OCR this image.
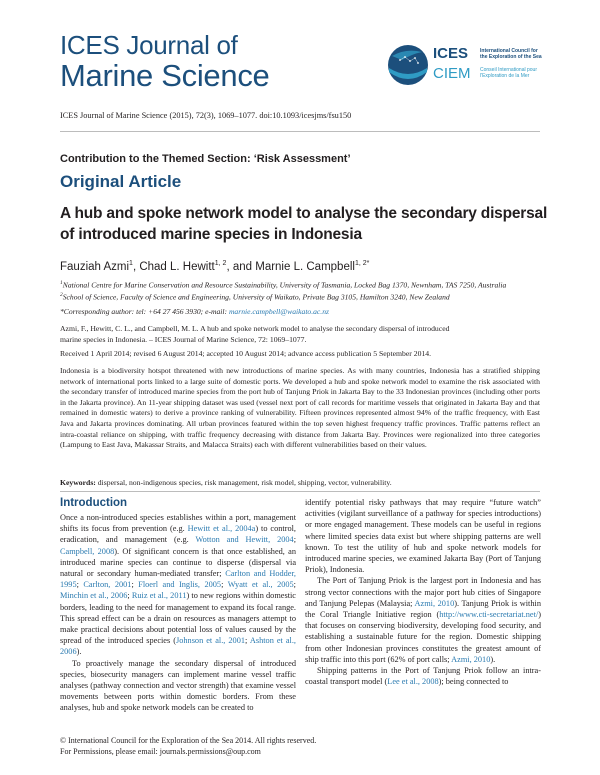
ICES Journal of
Marine Science
ICES
CIEM
International Council for
the Exploration of the Sea
Conseil International pour
l'Exploration de la Mer
ICES Journal of Marine Science (2015), 72(3), 1069–1077. doi:10.1093/icesjms/fsu150
Contribution to the Themed Section: ‘Risk Assessment’
Original Article
A hub and spoke network model to analyse the secondary dispersal
of introduced marine species in Indonesia
Fauziah Azmi$^1$, Chad L. Hewitt$^{1, 2}$, and Marnie L. Campbell$^{1, 2*}$
$^1$National Centre for Marine Conservation and Resource Sustainability, University of Tasmania, Locked Bag 1370, Newnham, TAS 7250, Australia
$^2$School of Science, Faculty of Science and Engineering, University of Waikato, Private Bag 3105, Hamilton 3240, New Zealand
*Corresponding author: tel: +64 27 456 3930; e-mail: marnie.campbell@waikato.ac.nz
Azmi, F., Hewitt, C. L., and Campbell, M. L. A hub and spoke network model to analyse the secondary dispersal of introduced
marine species in Indonesia. – ICES Journal of Marine Science, 72: 1069–1077.
Received 1 April 2014; revised 6 August 2014; accepted 10 August 2014; advance access publication 5 September 2014.
Indonesia is a biodiversity hotspot threatened with new introductions of marine species. As with many countries, Indonesia has a stratified shipping network of international ports linked to a large suite of domestic ports. We developed a hub and spoke network model to examine the risk associated with the secondary transfer of introduced marine species from the port hub of Tanjung Priok in Jakarta Bay to the 33 Indonesian provinces (including other ports in the Jakarta province). An 11-year shipping dataset was used (vessel next port of call records for maritime vessels that originated in Jakarta Bay and that remained in domestic waters) to derive a province ranking of vulnerability. Fifteen provinces represented almost 94% of the traffic frequency, with East Java and Jakarta provinces dominating. All urban provinces featured within the top seven highest frequency traffic provinces. Traffic patterns reflect an intra-coastal reliance on shipping, with traffic frequency decreasing with distance from Jakarta Bay. Provinces were regionalized into three categories (Lampung to East Java, Makassar Straits, and Malacca Straits) each with different vulnerabilities based on their values.
Keywords: dispersal, non-indigenous species, risk management, risk model, shipping, vector, vulnerability.
Introduction

Once a non-introduced species establishes within a port, management shifts its focus from prevention (e.g. Hewitt et al., 2004a) to control, eradication, and management (e.g. Wotton and Hewitt, 2004; Campbell, 2008). Of significant concern is that once established, an introduced marine species can continue to disperse (dispersal via natural or secondary human-mediated transfer; Carlton and Hodder, 1995; Carlton, 2001; Floerl and Inglis, 2005; Wyatt et al., 2005; Minchin et al., 2006; Ruiz et al., 2011) to new regions within domestic borders, leading to the need for management to expand its focal range. This spread effect can be a drain on resources as managers attempt to make practical decisions about potential loss of values caused by the spread of the introduced species (Johnson et al., 2001; Ashton et al., 2006).

To proactively manage the secondary dispersal of introduced species, biosecurity managers can implement marine vessel traffic analyses (pathway connection and vector strength) that examine vessel movements between ports within domestic borders. From these analyses, hub and spoke network models can be created to

identify potential risky pathways that may require “future watch” activities (vigilant surveillance of a pathway for species introductions) or more engaged management. These models can be useful in regions where limited species data exist but where shipping patterns are well known. To test the utility of hub and spoke network models for introduced marine species, we examined Jakarta Bay (Port of Tanjung Priok), Indonesia.

The Port of Tanjung Priok is the largest port in Indonesia and has strong vector connections with the major port hub cities of Singapore and Tanjung Pelepas (Malaysia; Azmi, 2010). Tanjung Priok is within the Coral Triangle Initiative region (http://www.cti-secretariat.net/) that focuses on conserving biodiversity, developing food security, and establishing a sustainable future for the region. Domestic shipping from other Indonesian provinces constitutes the greatest amount of ship traffic into this port (62% of port calls; Azmi, 2010).

Shipping patterns in the Port of Tanjung Priok follow an intra-coastal transport model (Lee et al., 2008); being connected to

© International Council for the Exploration of the Sea 2014. All rights reserved.
For Permissions, please email: journals.permissions@oup.com
